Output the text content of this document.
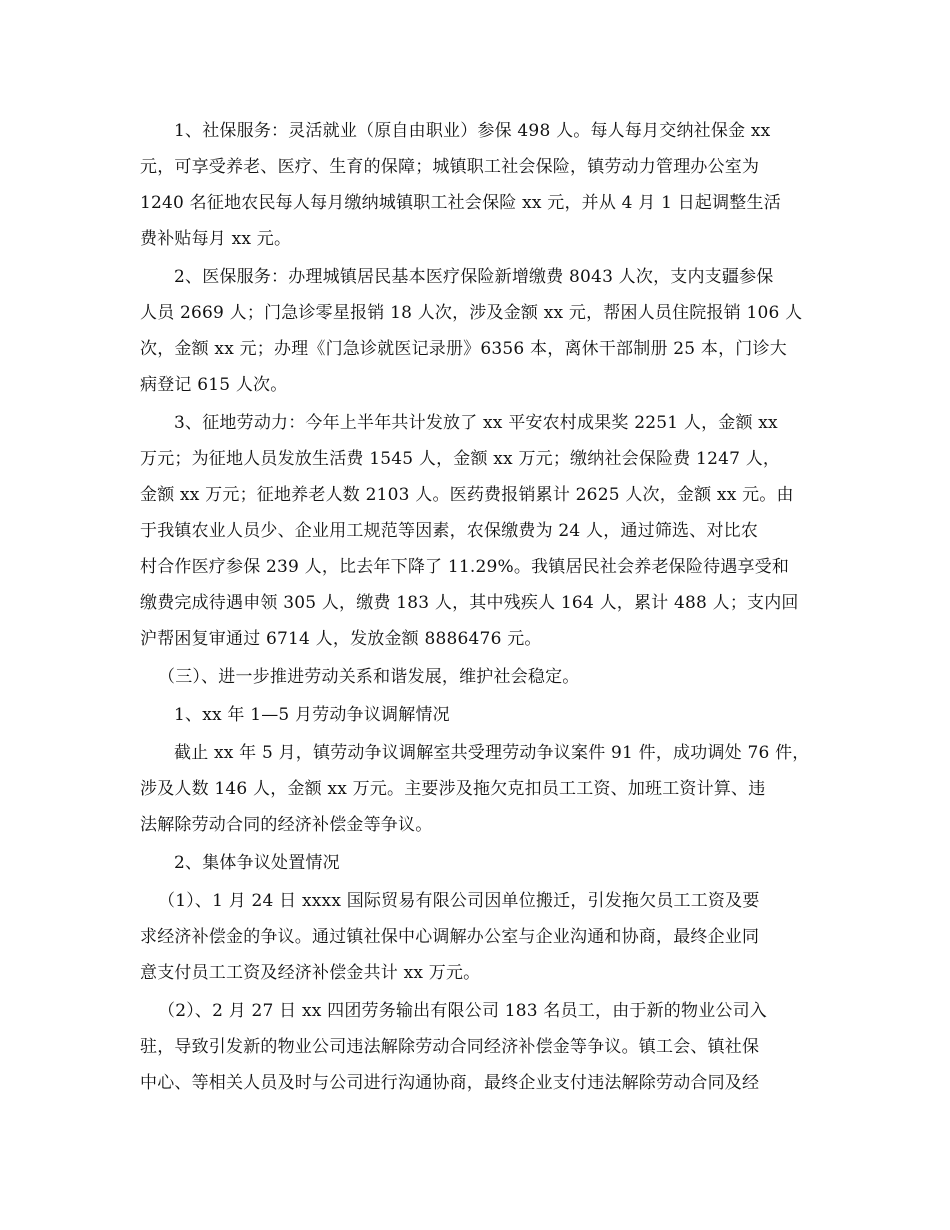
1、社保服务：灵活就业（原自由职业）参保 498 人。每人每月交纳社保金 xx

元，可享受养老、医疗、生育的保障；城镇职工社会保险，镇劳动力管理办公室为

1240 名征地农民每人每月缴纳城镇职工社会保险 xx 元，并从 4 月 1 日起调整生活

费补贴每月 xx 元。

2、医保服务：办理城镇居民基本医疗保险新增缴费 8043 人次，支内支疆参保

人员 2669 人；门急诊零星报销 18 人次，涉及金额 xx 元，帮困人员住院报销 106 人

次，金额 xx 元；办理《门急诊就医记录册》6356 本，离休干部制册 25 本，门诊大

病登记 615 人次。

3、征地劳动力：今年上半年共计发放了 xx 平安农村成果奖 2251 人，金额 xx

万元；为征地人员发放生活费 1545 人，金额 xx 万元；缴纳社会保险费 1247 人，

金额 xx 万元；征地养老人数 2103 人。医药费报销累计 2625 人次，金额 xx 元。由

于我镇农业人员少、企业用工规范等因素，农保缴费为 24 人，通过筛选、对比农

村合作医疗参保 239 人，比去年下降了 11.29%。我镇居民社会养老保险待遇享受和

缴费完成待遇申领 305 人，缴费 183 人，其中残疾人 164 人，累计 488 人；支内回

沪帮困复审通过 6714 人，发放金额 8886476 元。

（三）、进一步推进劳动关系和谐发展，维护社会稳定。

1、xx 年 1—5 月劳动争议调解情况

截止 xx 年 5 月，镇劳动争议调解室共受理劳动争议案件 91 件，成功调处 76 件，

涉及人数 146 人，金额 xx 万元。主要涉及拖欠克扣员工工资、加班工资计算、违

法解除劳动合同的经济补偿金等争议。

2、集体争议处置情况

（1）、1 月 24 日 xxxx 国际贸易有限公司因单位搬迁，引发拖欠员工工资及要

求经济补偿金的争议。通过镇社保中心调解办公室与企业沟通和协商，最终企业同

意支付员工工资及经济补偿金共计 xx 万元。

（2）、2 月 27 日 xx 四团劳务输出有限公司 183 名员工，由于新的物业公司入

驻，导致引发新的物业公司违法解除劳动合同经济补偿金等争议。镇工会、镇社保

中心、等相关人员及时与公司进行沟通协商，最终企业支付违法解除劳动合同及经
